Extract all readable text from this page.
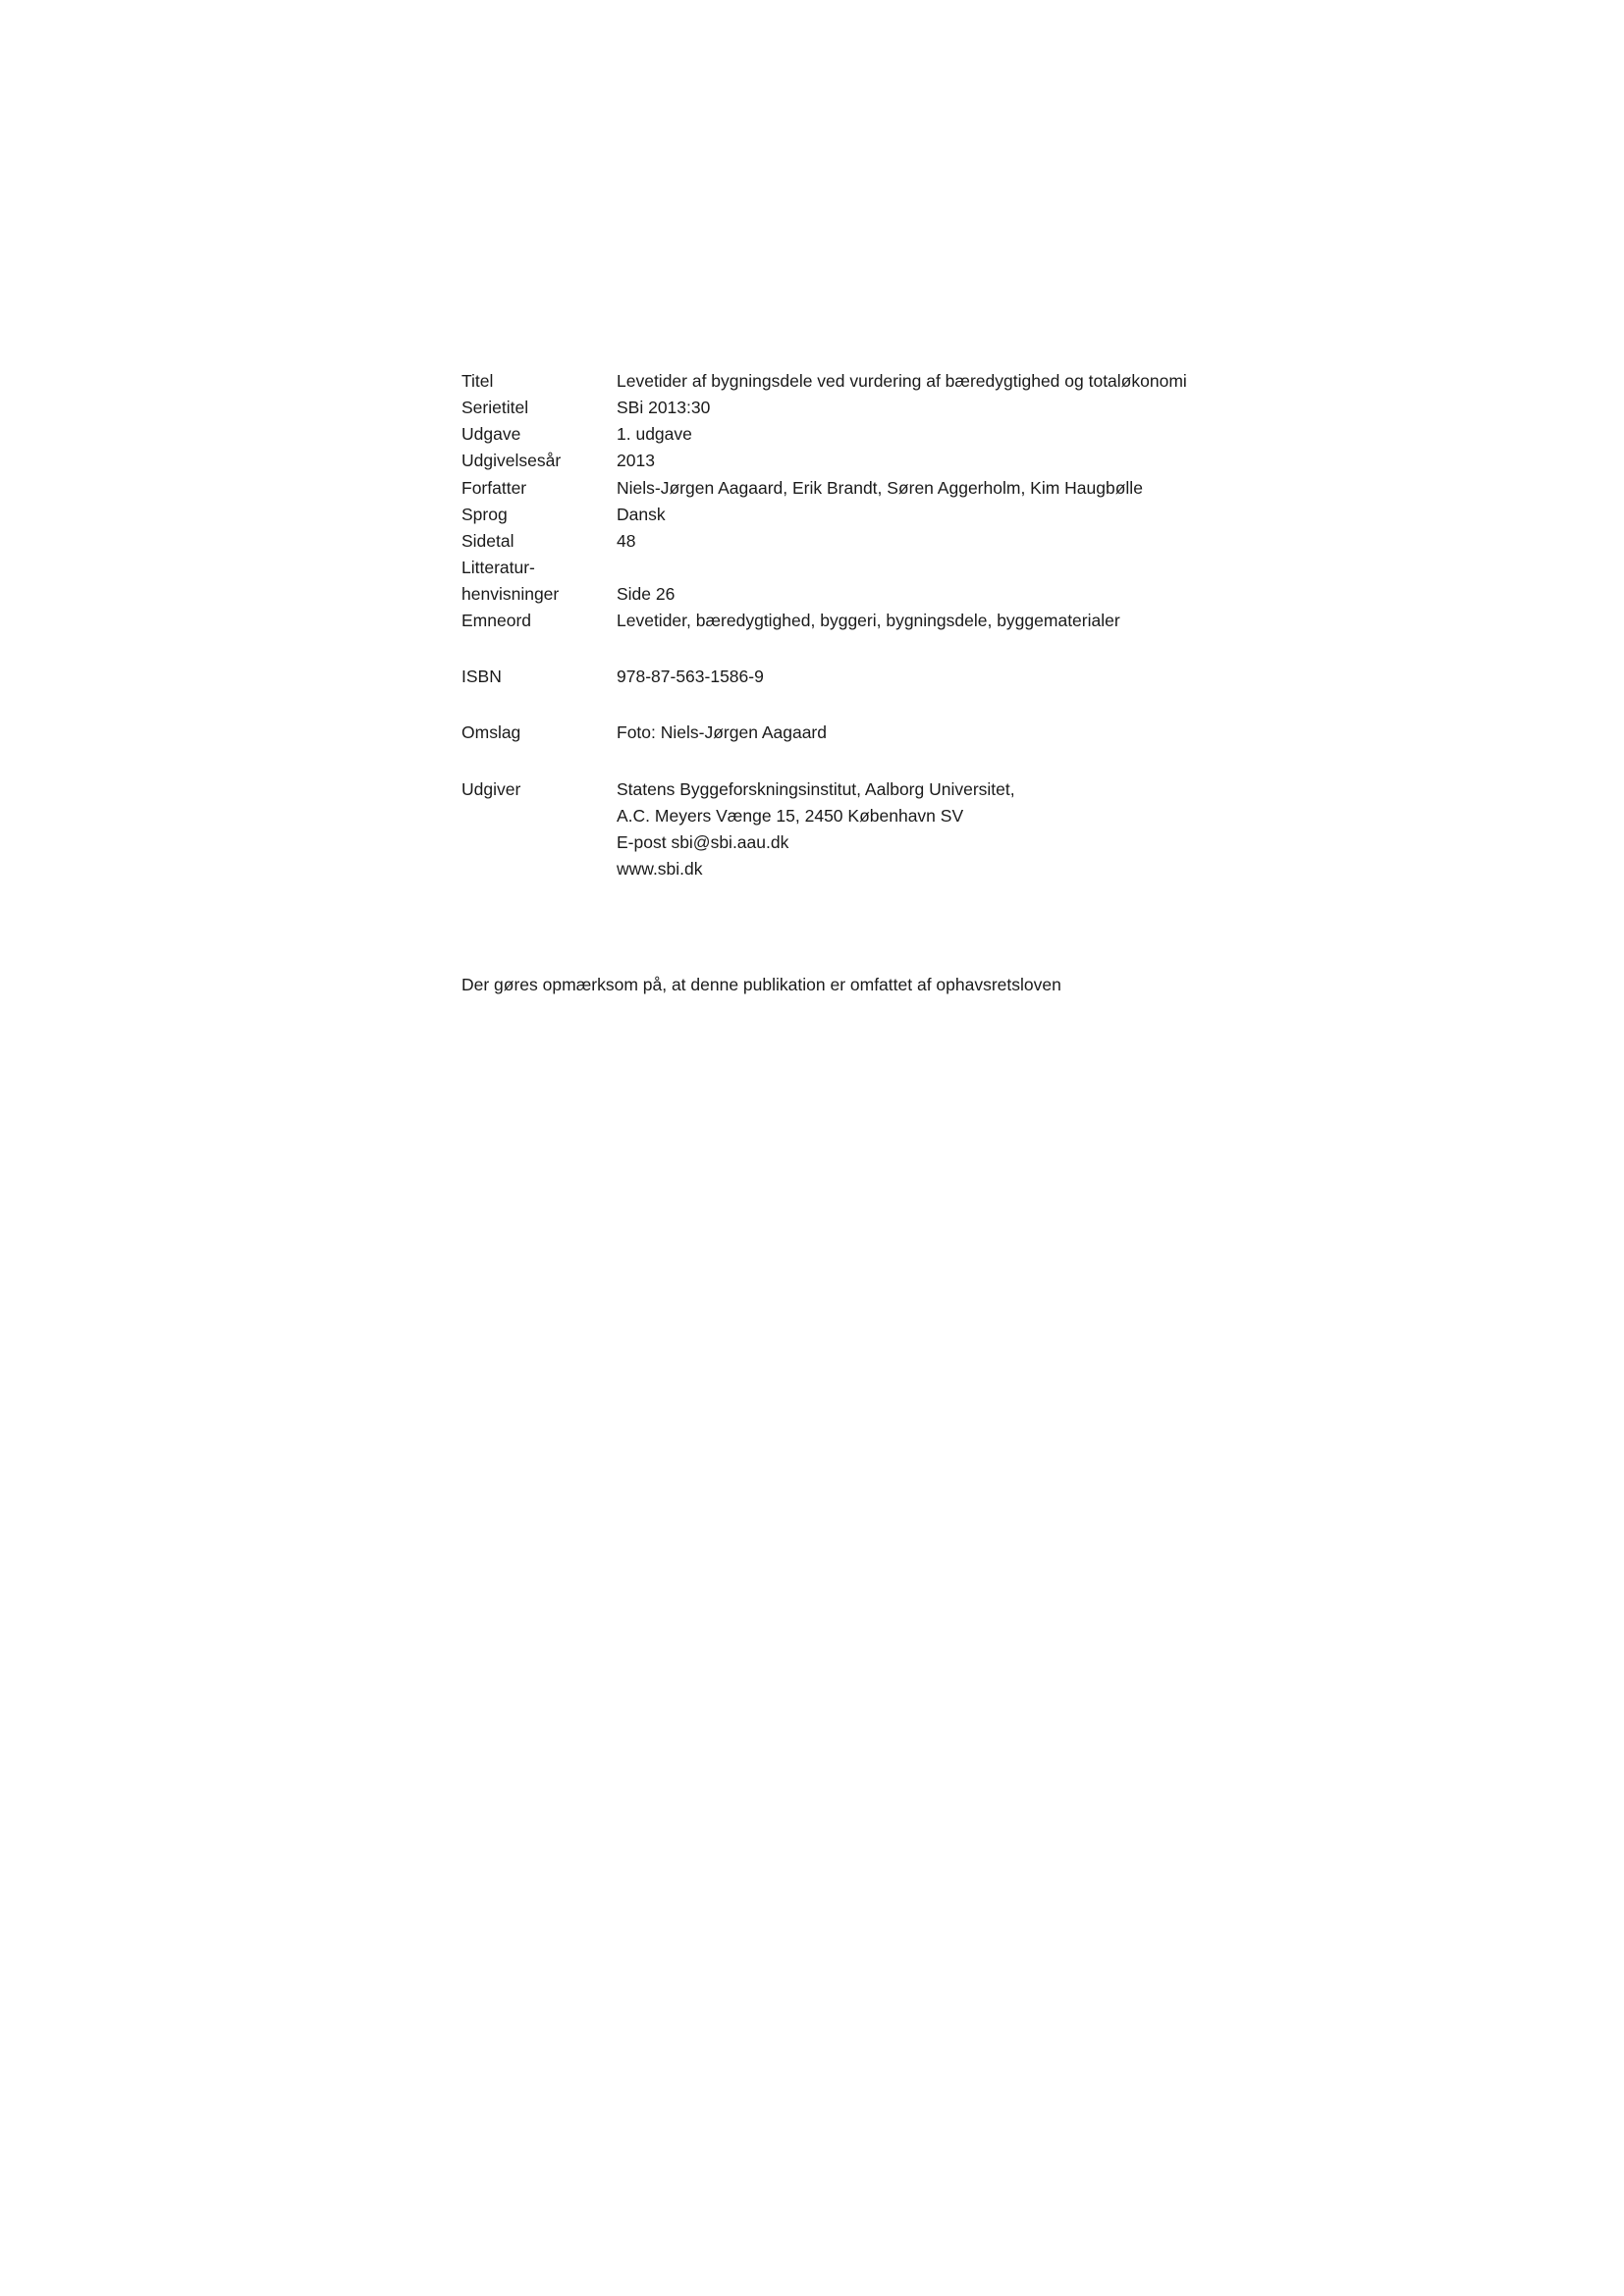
Titel	Levetider af bygningsdele ved vurdering af bæredygtighed og totaløkonomi
Serietitel	SBi 2013:30
Udgave	1. udgave
Udgivelsesår	2013
Forfatter	Niels-Jørgen Aagaard, Erik Brandt, Søren Aggerholm, Kim Haugbølle
Sprog	Dansk
Sidetal	48
Litteratur-
henvisninger	Side 26
Emneord	Levetider, bæredygtighed, byggeri, bygningsdele, byggematerialer
ISBN	978-87-563-1586-9
Omslag	Foto: Niels-Jørgen Aagaard
Udgiver	Statens Byggeforskningsinstitut, Aalborg Universitet,
A.C. Meyers Vænge 15, 2450 København SV
E-post sbi@sbi.aau.dk
www.sbi.dk
Der gøres opmærksom på, at denne publikation er omfattet af ophavsretsloven
